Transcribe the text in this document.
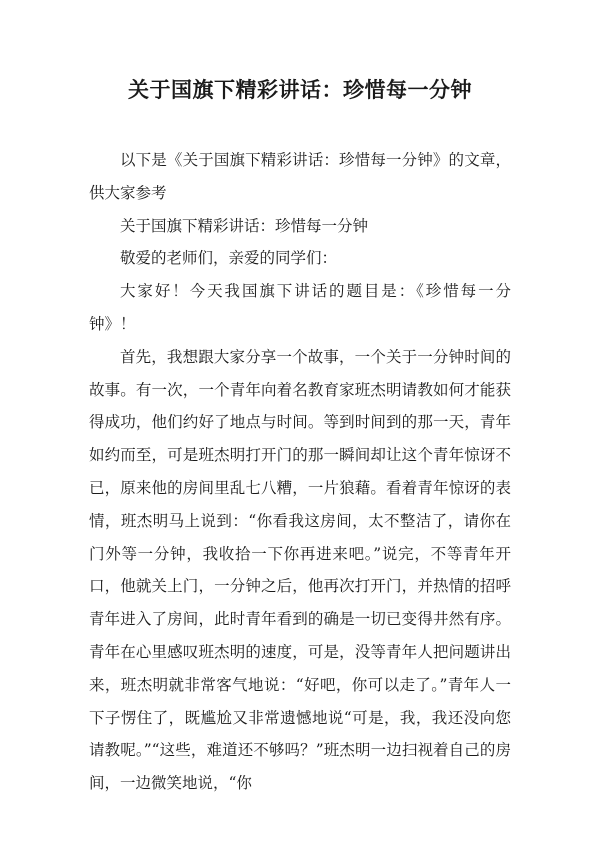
关于国旗下精彩讲话：珍惜每一分钟

以下是《关于国旗下精彩讲话：珍惜每一分钟》的文章，供大家参考

关于国旗下精彩讲话：珍惜每一分钟

敬爱的老师们，亲爱的同学们：

大家好！今天我国旗下讲话的题目是：《珍惜每一分钟》！

首先，我想跟大家分享一个故事，一个关于一分钟时间的故事。有一次，一个青年向着名教育家班杰明请教如何才能获得成功，他们约好了地点与时间。等到时间到的那一天，青年如约而至，可是班杰明打开门的那一瞬间却让这个青年惊讶不已，原来他的房间里乱七八糟，一片狼藉。看着青年惊讶的表情，班杰明马上说到：“你看我这房间，太不整洁了，请你在门外等一分钟，我收拾一下你再进来吧。”说完，不等青年开口，他就关上门，一分钟之后，他再次打开门，并热情的招呼青年进入了房间，此时青年看到的确是一切已变得井然有序。青年在心里感叹班杰明的速度，可是，没等青年人把问题讲出来，班杰明就非常客气地说：“好吧，你可以走了。”青年人一下子愣住了，既尴尬又非常遗憾地说“可是，我，我还没向您请教呢。”“这些，难道还不够吗？”班杰明一边扫视着自己的房间，一边微笑地说，“你
